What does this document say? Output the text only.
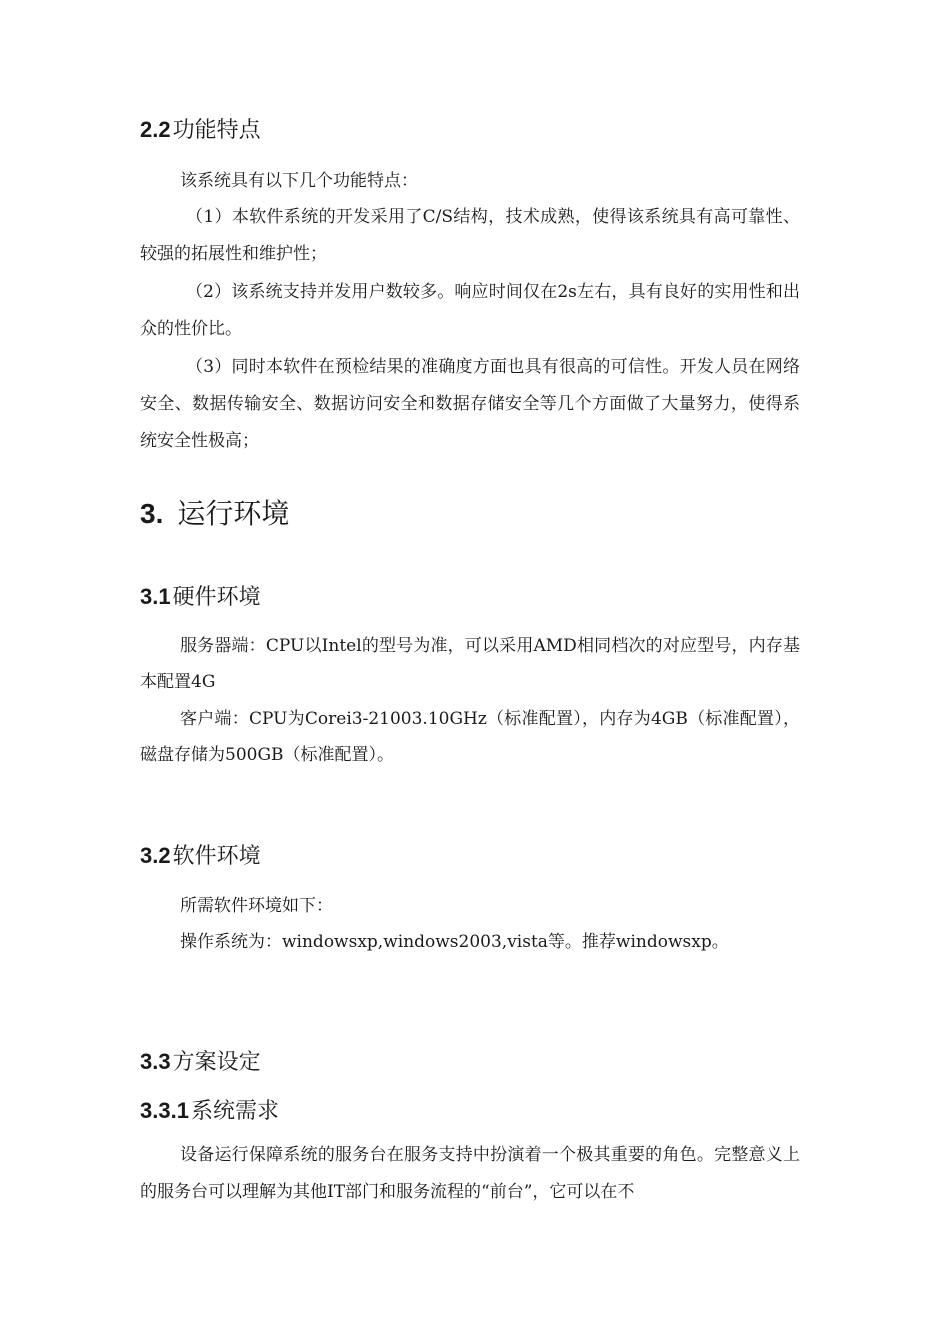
2.2功能特点

该系统具有以下几个功能特点：

（1）本软件系统的开发采用了C/S结构，技术成熟，使得该系统具有高可靠性、较强的拓展性和维护性；

（2）该系统支持并发用户数较多。响应时间仅在2s左右，具有良好的实用性和出众的性价比。

（3）同时本软件在预检结果的准确度方面也具有很高的可信性。开发人员在网络安全、数据传输安全、数据访问安全和数据存储安全等几个方面做了大量努力，使得系统安全性极高；

3. 运行环境
3.1硬件环境

服务器端：CPU以Intel的型号为准，可以采用AMD相同档次的对应型号，内存基本配置4G

客户端：CPU为Corei3-21003.10GHz（标准配置），内存为4GB（标准配置），磁盘存储为500GB（标准配置）。

3.2软件环境

所需软件环境如下：

操作系统为：windowsxp,windows2003,vista等。推荐windowsxp。

3.3方案设定
3.3.1系统需求

设备运行保障系统的服务台在服务支持中扮演着一个极其重要的角色。完整意义上的服务台可以理解为其他IT部门和服务流程的“前台”，它可以在不
